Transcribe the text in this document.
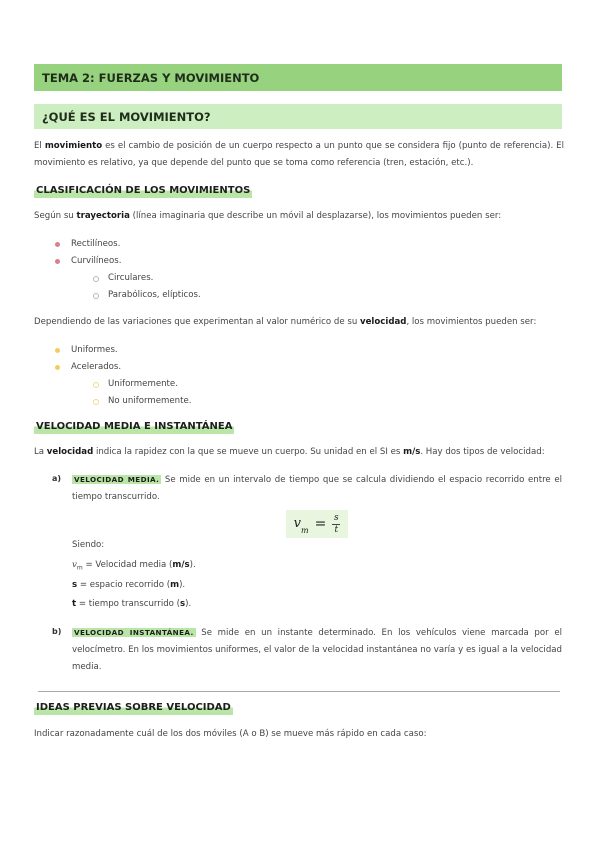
TEMA 2: FUERZAS Y MOVIMIENTO
¿QUÉ ES EL MOVIMIENTO?

El movimiento es el cambio de posición de un cuerpo respecto a un punto que se considera fijo (punto de referencia). El movimiento es relativo, ya que depende del punto que se toma como referencia (tren, estación, etc.).

CLASIFICACIÓN DE LOS MOVIMIENTOS

Según su trayectoria (línea imaginaria que describe un móvil al desplazarse), los movimientos pueden ser:

Rectilíneos.
Curvilíneos.
Circulares.
Parabólicos, elípticos.

Dependiendo de las variaciones que experimentan al valor numérico de su velocidad, los movimientos pueden ser:

Uniformes.
Acelerados.
Uniformemente.
No uniformemente.
VELOCIDAD MEDIA E INSTANTÁNEA

La velocidad indica la rapidez con la que se mueve un cuerpo. Su unidad en el SI es m/s. Hay dos tipos de velocidad:

a) VELOCIDAD MEDIA. Se mide en un intervalo de tiempo que se calcula dividiendo el espacio recorrido entre el tiempo transcurrido.

$v_m = \frac{s}{t}$

Siendo:

$v_m$ = Velocidad media (m/s).

s = espacio recorrido (m).

t = tiempo transcurrido (s).

b) VELOCIDAD INSTANTÁNEA. Se mide en un instante determinado. En los vehículos viene marcada por el velocímetro. En los movimientos uniformes, el valor de la velocidad instantánea no varía y es igual a la velocidad media.

IDEAS PREVIAS SOBRE VELOCIDAD

Indicar razonadamente cuál de los dos móviles (A o B) se mueve más rápido en cada caso:
